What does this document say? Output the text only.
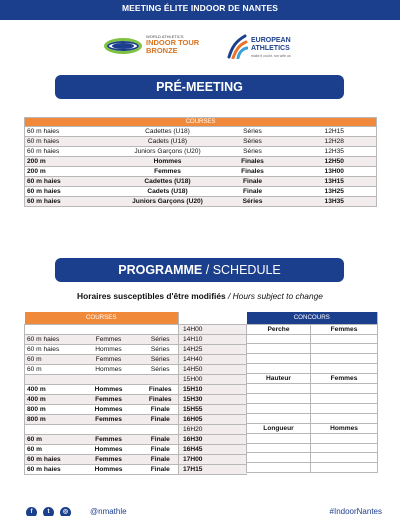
MEETING ÉLITE INDOOR DE NANTES
WORLD ATHLETICS
INDOOR TOUR
BRONZE
EUROPEAN
ATHLETICS
make it count. run with us
PRÉ-MEETING
COURSES			
60 m haies	Cadettes (U18)	Séries	12H15
60 m haies	Cadets (U18)	Séries	12H28
60 m haies	Juniors Garçons (U20)	Séries	12H35
200 m	Hommes	Finales	12H50
200 m	Femmes	Finales	13H00
60 m haies	Cadettes (U18)	Finale	13H15
60 m haies	Cadets (U18)	Finale	13H25
60 m haies	Juniors Garçons (U20)	Séries	13H35
PROGRAMME / SCHEDULE
Horaires susceptibles d'être modifiés / Hours subject to change
COURSES			
			14H00
60 m haies	Femmes	Séries	14H10
60 m haies	Hommes	Séries	14H25
60 m	Femmes	Séries	14H40
60 m	Hommes	Séries	14H50
			15H00
400 m	Hommes	Finales	15H10
400 m	Femmes	Finales	15H30
800 m	Hommes	Finale	15H55
800 m	Femmes	Finale	16H05
			16H20
60 m	Femmes	Finale	16H30
60 m	Hommes	Finale	16H45
60 m haies	Femmes	Finale	17H00
60 m haies	Hommes	Finale	17H15
CONCOURS	
Perche	Femmes

Hauteur	Femmes

Longueur	Hommes

f	t	◎	@nmathle	#IndoorNantes
